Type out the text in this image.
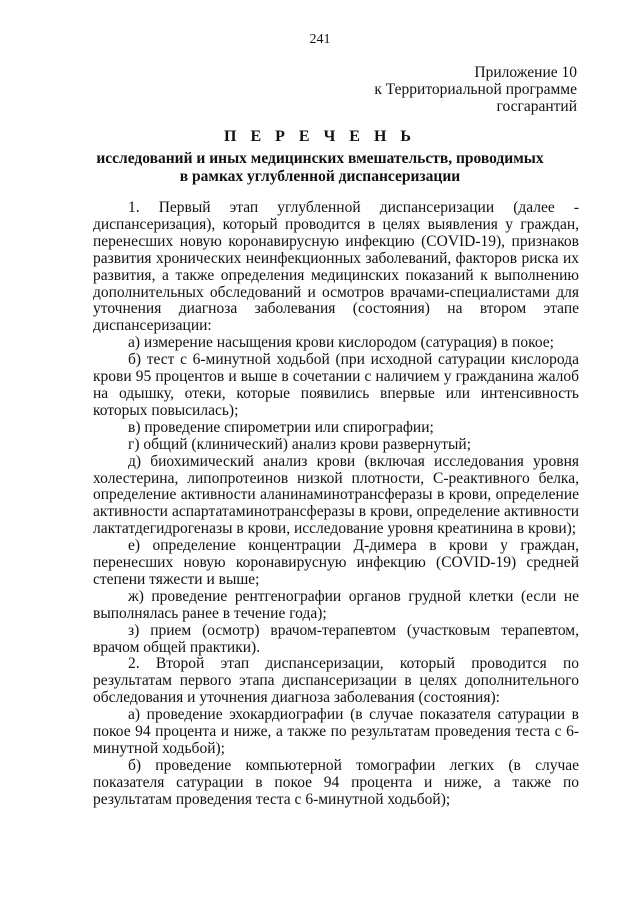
241
Приложение 10
к Территориальной программе
госгарантий
П Е Р Е Ч Е Н Ь
исследований и иных медицинских вмешательств, проводимых
в рамках углубленной диспансеризации

1. Первый этап углубленной диспансеризации (далее - диспансеризация), который проводится в целях выявления у граждан, перенесших новую коронавирусную инфекцию (COVID-19), признаков развития хронических неинфекционных заболеваний, факторов риска их развития, а также определения медицинских показаний к выполнению дополнительных обследований и осмотров врачами-специалистами для уточнения диагноза заболевания (состояния) на втором этапе диспансеризации:

а) измерение насыщения крови кислородом (сатурация) в покое;

б) тест с 6-минутной ходьбой (при исходной сатурации кислорода крови 95 процентов и выше в сочетании с наличием у гражданина жалоб на одышку, отеки, которые появились впервые или интенсивность которых повысилась);

в) проведение спирометрии или спирографии;

г) общий (клинический) анализ крови развернутый;

д) биохимический анализ крови (включая исследования уровня холестерина, липопротеинов низкой плотности, С-реактивного белка, определение активности аланинаминотрансферазы в крови, определение активности аспартатаминотрансферазы в крови, определение активности лактатдегидрогеназы в крови, исследование уровня креатинина в крови);

е) определение концентрации Д-димера в крови у граждан, перенесших новую коронавирусную инфекцию (COVID-19) средней степени тяжести и выше;

ж) проведение рентгенографии органов грудной клетки (если не выполнялась ранее в течение года);

з) прием (осмотр) врачом-терапевтом (участковым терапевтом, врачом общей практики).

2. Второй этап диспансеризации, который проводится по результатам первого этапа диспансеризации в целях дополнительного обследования и уточнения диагноза заболевания (состояния):

а) проведение эхокардиографии (в случае показателя сатурации в покое 94 процента и ниже, а также по результатам проведения теста с 6-минутной ходьбой);

б) проведение компьютерной томографии легких (в случае показателя сатурации в покое 94 процента и ниже, а также по результатам проведения теста с 6-минутной ходьбой);
